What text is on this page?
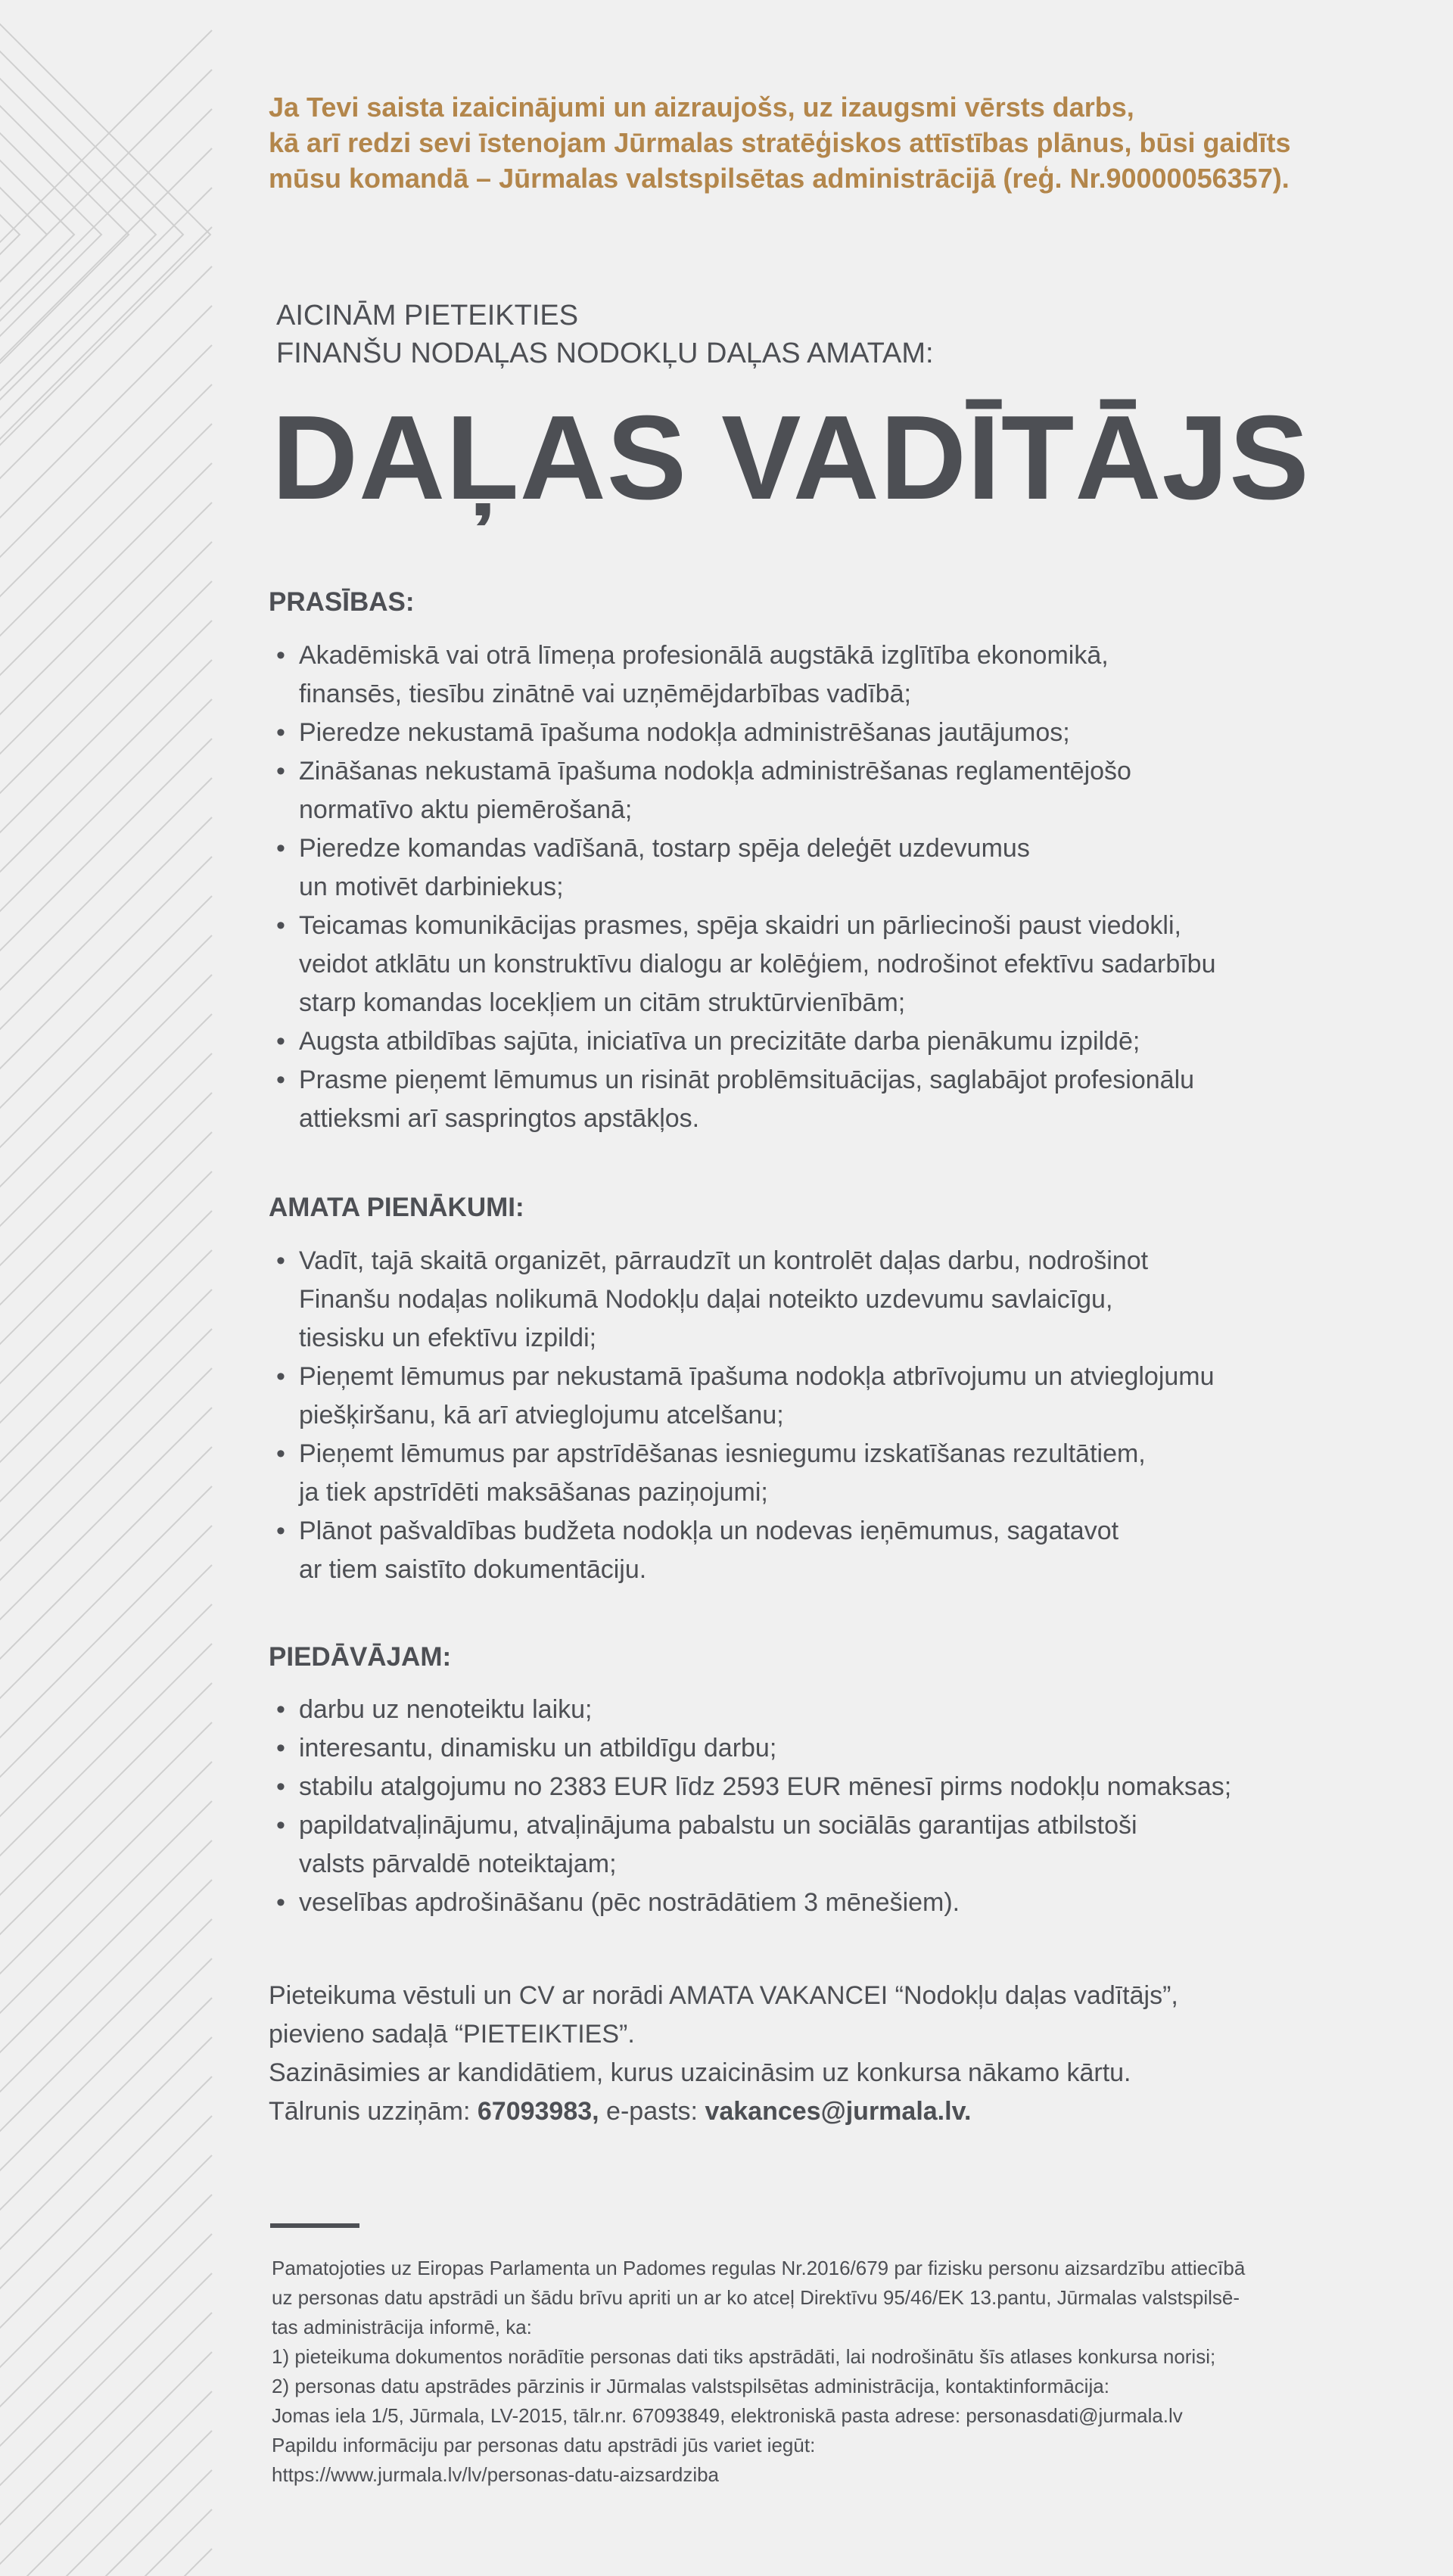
Ja Tevi saista izaicinājumi un aizraujošs, uz izaugsmi vērsts darbs,
kā arī redzi sevi īstenojam Jūrmalas stratēģiskos attīstības plānus, būsi gaidīts
mūsu komandā – Jūrmalas valstspilsētas administrācijā (reģ. Nr.90000056357).

AICINĀM PIETEIKTIES
FINANŠU NODAĻAS NODOKĻU DAĻAS AMATAM:
DAĻAS VADĪTĀJS
PRASĪBAS:
• Akadēmiskā vai otrā līmeņa profesionālā augstākā izglītība ekonomikā,
finansēs, tiesību zinātnē vai uzņēmējdarbības vadībā;
• Pieredze nekustamā īpašuma nodokļa administrēšanas jautājumos;
• Zināšanas nekustamā īpašuma nodokļa administrēšanas reglamentējošo
normatīvo aktu piemērošanā;
• Pieredze komandas vadīšanā, tostarp spēja deleģēt uzdevumus
un motivēt darbiniekus;
• Teicamas komunikācijas prasmes, spēja skaidri un pārliecinoši paust viedokli,
veidot atklātu un konstruktīvu dialogu ar kolēģiem, nodrošinot efektīvu sadarbību
starp komandas locekļiem un citām struktūrvienībām;
• Augsta atbildības sajūta, iniciatīva un precizitāte darba pienākumu izpildē;
• Prasme pieņemt lēmumus un risināt problēmsituācijas, saglabājot profesionālu
attieksmi arī saspringtos apstākļos.
AMATA PIENĀKUMI:
• Vadīt, tajā skaitā organizēt, pārraudzīt un kontrolēt daļas darbu, nodrošinot
Finanšu nodaļas nolikumā Nodokļu daļai noteikto uzdevumu savlaicīgu,
tiesisku un efektīvu izpildi;
• Pieņemt lēmumus par nekustamā īpašuma nodokļa atbrīvojumu un atvieglojumu
piešķiršanu, kā arī atvieglojumu atcelšanu;
• Pieņemt lēmumus par apstrīdēšanas iesniegumu izskatīšanas rezultātiem,
ja tiek apstrīdēti maksāšanas paziņojumi;
• Plānot pašvaldības budžeta nodokļa un nodevas ieņēmumus, sagatavot
ar tiem saistīto dokumentāciju.
PIEDĀVĀJAM:
• darbu uz nenoteiktu laiku;
• interesantu, dinamisku un atbildīgu darbu;
• stabilu atalgojumu no 2383 EUR līdz 2593 EUR mēnesī pirms nodokļu nomaksas;
• papildatvaļinājumu, atvaļinājuma pabalstu un sociālās garantijas atbilstoši
valsts pārvaldē noteiktajam;
• veselības apdrošināšanu (pēc nostrādātiem 3 mēnešiem).

Pieteikuma vēstuli un CV ar norādi AMATA VAKANCEI “Nodokļu daļas vadītājs”,
pievieno sadaļā “PIETEIKTIES”.
Sazināsimies ar kandidātiem, kurus uzaicināsim uz konkursa nākamo kārtu.
Tālrunis uzziņām: 67093983, e-pasts: vakances@jurmala.lv.

Pamatojoties uz Eiropas Parlamenta un Padomes regulas Nr.2016/679 par fizisku personu aizsardzību attiecībā
uz personas datu apstrādi un šādu brīvu apriti un ar ko atceļ Direktīvu 95/46/EK 13.pantu, Jūrmalas valstspilsē-
tas administrācija informē, ka:
1) pieteikuma dokumentos norādītie personas dati tiks apstrādāti, lai nodrošinātu šīs atlases konkursa norisi;
2) personas datu apstrādes pārzinis ir Jūrmalas valstspilsētas administrācija, kontaktinformācija:
Jomas iela 1/5, Jūrmala, LV-2015, tālr.nr. 67093849, elektroniskā pasta adrese: personasdati@jurmala.lv
Papildu informāciju par personas datu apstrādi jūs variet iegūt:
https://www.jurmala.lv/lv/personas-datu-aizsardziba
